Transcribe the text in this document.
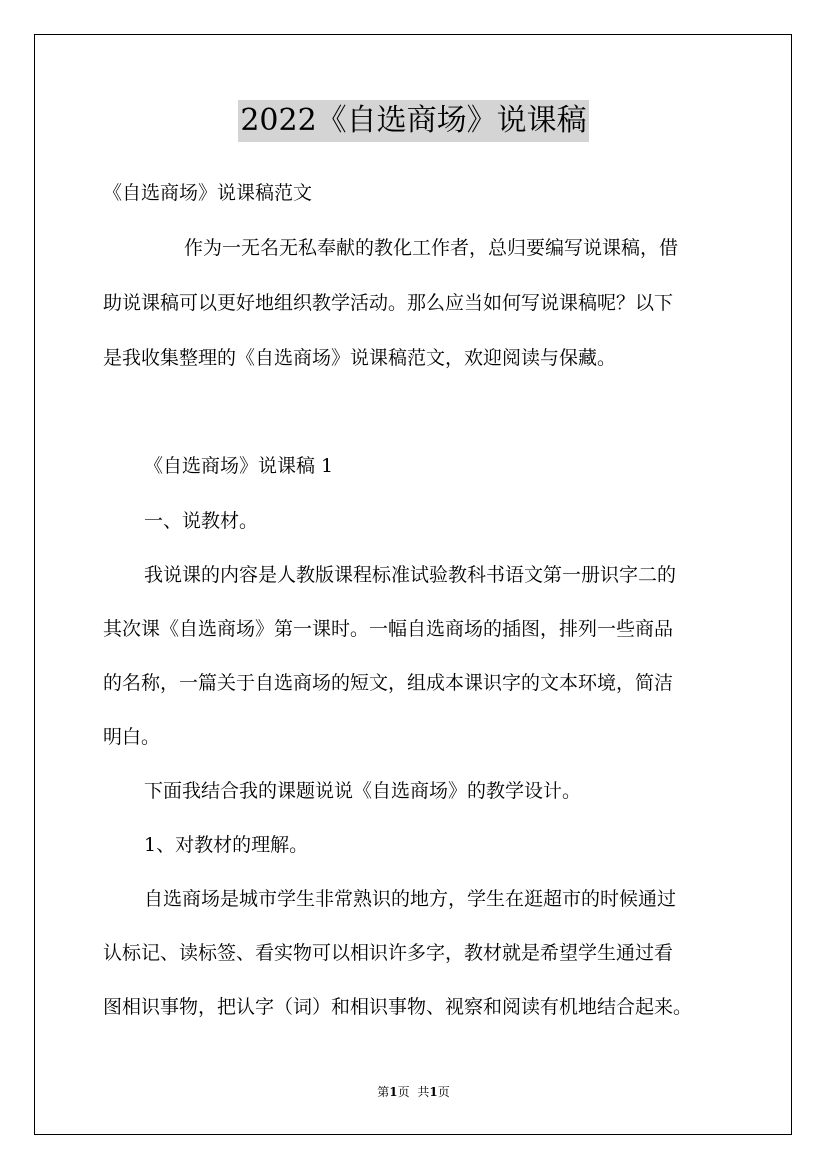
2022《自选商场》说课稿
《自选商场》说课稿范文
作为一无名无私奉献的教化工作者，总归要编写说课稿，借
助说课稿可以更好地组织教学活动。那么应当如何写说课稿呢？以下
是我收集整理的《自选商场》说课稿范文，欢迎阅读与保藏。
《自选商场》说课稿 1
一、说教材。
我说课的内容是人教版课程标准试验教科书语文第一册识字二的
其次课《自选商场》第一课时。一幅自选商场的插图，排列一些商品
的名称，一篇关于自选商场的短文，组成本课识字的文本环境，简洁
明白。
下面我结合我的课题说说《自选商场》的教学设计。
1、对教材的理解。
自选商场是城市学生非常熟识的地方，学生在逛超市的时候通过
认标记、读标签、看实物可以相识许多字，教材就是希望学生通过看
图相识事物，把认字（词）和相识事物、视察和阅读有机地结合起来。
第1页 共1页
